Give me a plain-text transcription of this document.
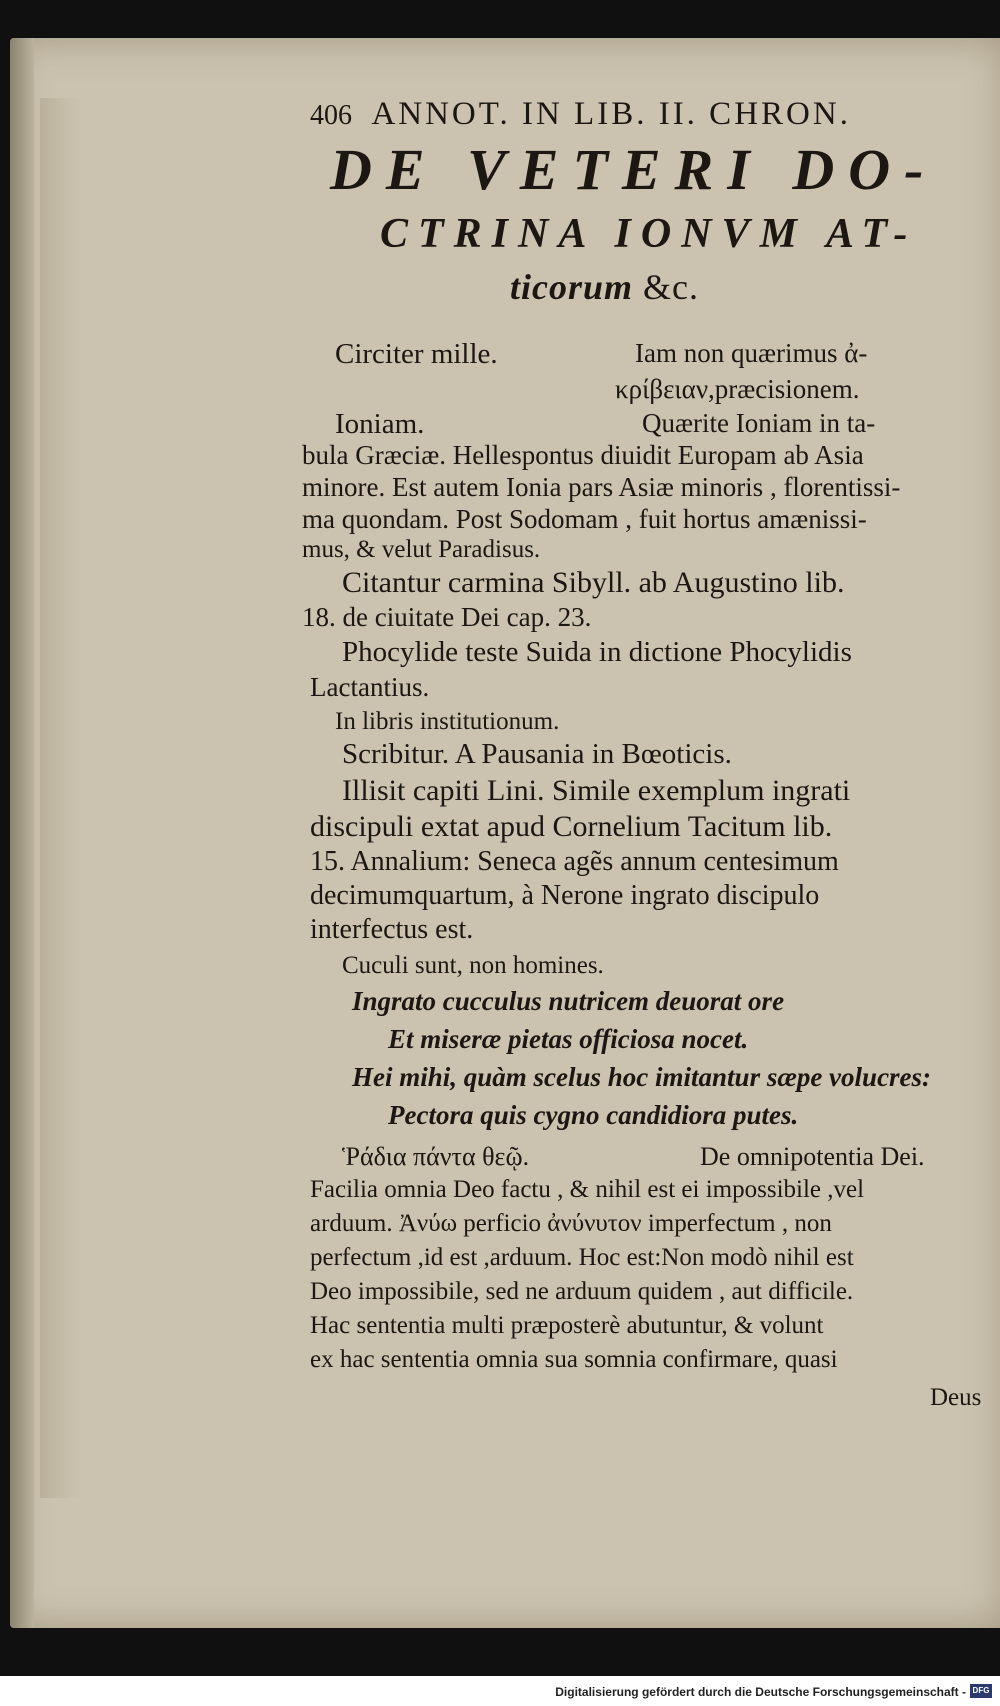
406 ANNOT. IN LIB. II. CHRON.
DE VETERI DO-
CTRINA IONVM AT-
ticorum &c.
Circiter mille.	Iam non quærimus ἀ-
κρίβειαν,præcisionem.
Ioniam.	Quærite Ioniam in ta-
bula Græciæ. Hellespontus diuidit Europam ab Asia
minore. Est autem Ionia pars Asiæ minoris , florentissi-
ma quondam. Post Sodomam , fuit hortus amænissi-
mus, & velut Paradisus.
Citantur carmina Sibyll. ab Augustino lib.
18. de ciuitate Dei cap. 23.
Phocylide teste Suida in dictione Phocylidis
Lactantius.
In libris institutionum.
Scribitur. A Pausania in Bœoticis.
Illisit capiti Lini. Simile exemplum ingrati
discipuli extat apud Cornelium Tacitum lib.
15. Annalium: Seneca agẽs annum centesimum
decimumquartum, à Nerone ingrato discipulo
interfectus est.
Cuculi sunt, non homines.
Ingrato cucculus nutricem deuorat ore
Et miseræ pietas officiosa nocet.
Hei mihi, quàm scelus hoc imitantur sæpe volucres:
Pectora quis cygno candidiora putes.
Ῥάδια πάντα θεῷ.	De omnipotentia Dei.
Facilia omnia Deo factu , & nihil est ei impossibile ,vel
arduum. Ἀνύω perficio ἀνύνυτον imperfectum , non
perfectum ,id est ,arduum. Hoc est:Non modò nihil est
Deo impossibile, sed ne arduum quidem , aut difficile.
Hac sententia multi præposterè abutuntur, & volunt
ex hac sententia omnia sua somnia confirmare, quasi
Deus
Digitalisierung gefördert durch die Deutsche Forschungsgemeinschaft - DFG
